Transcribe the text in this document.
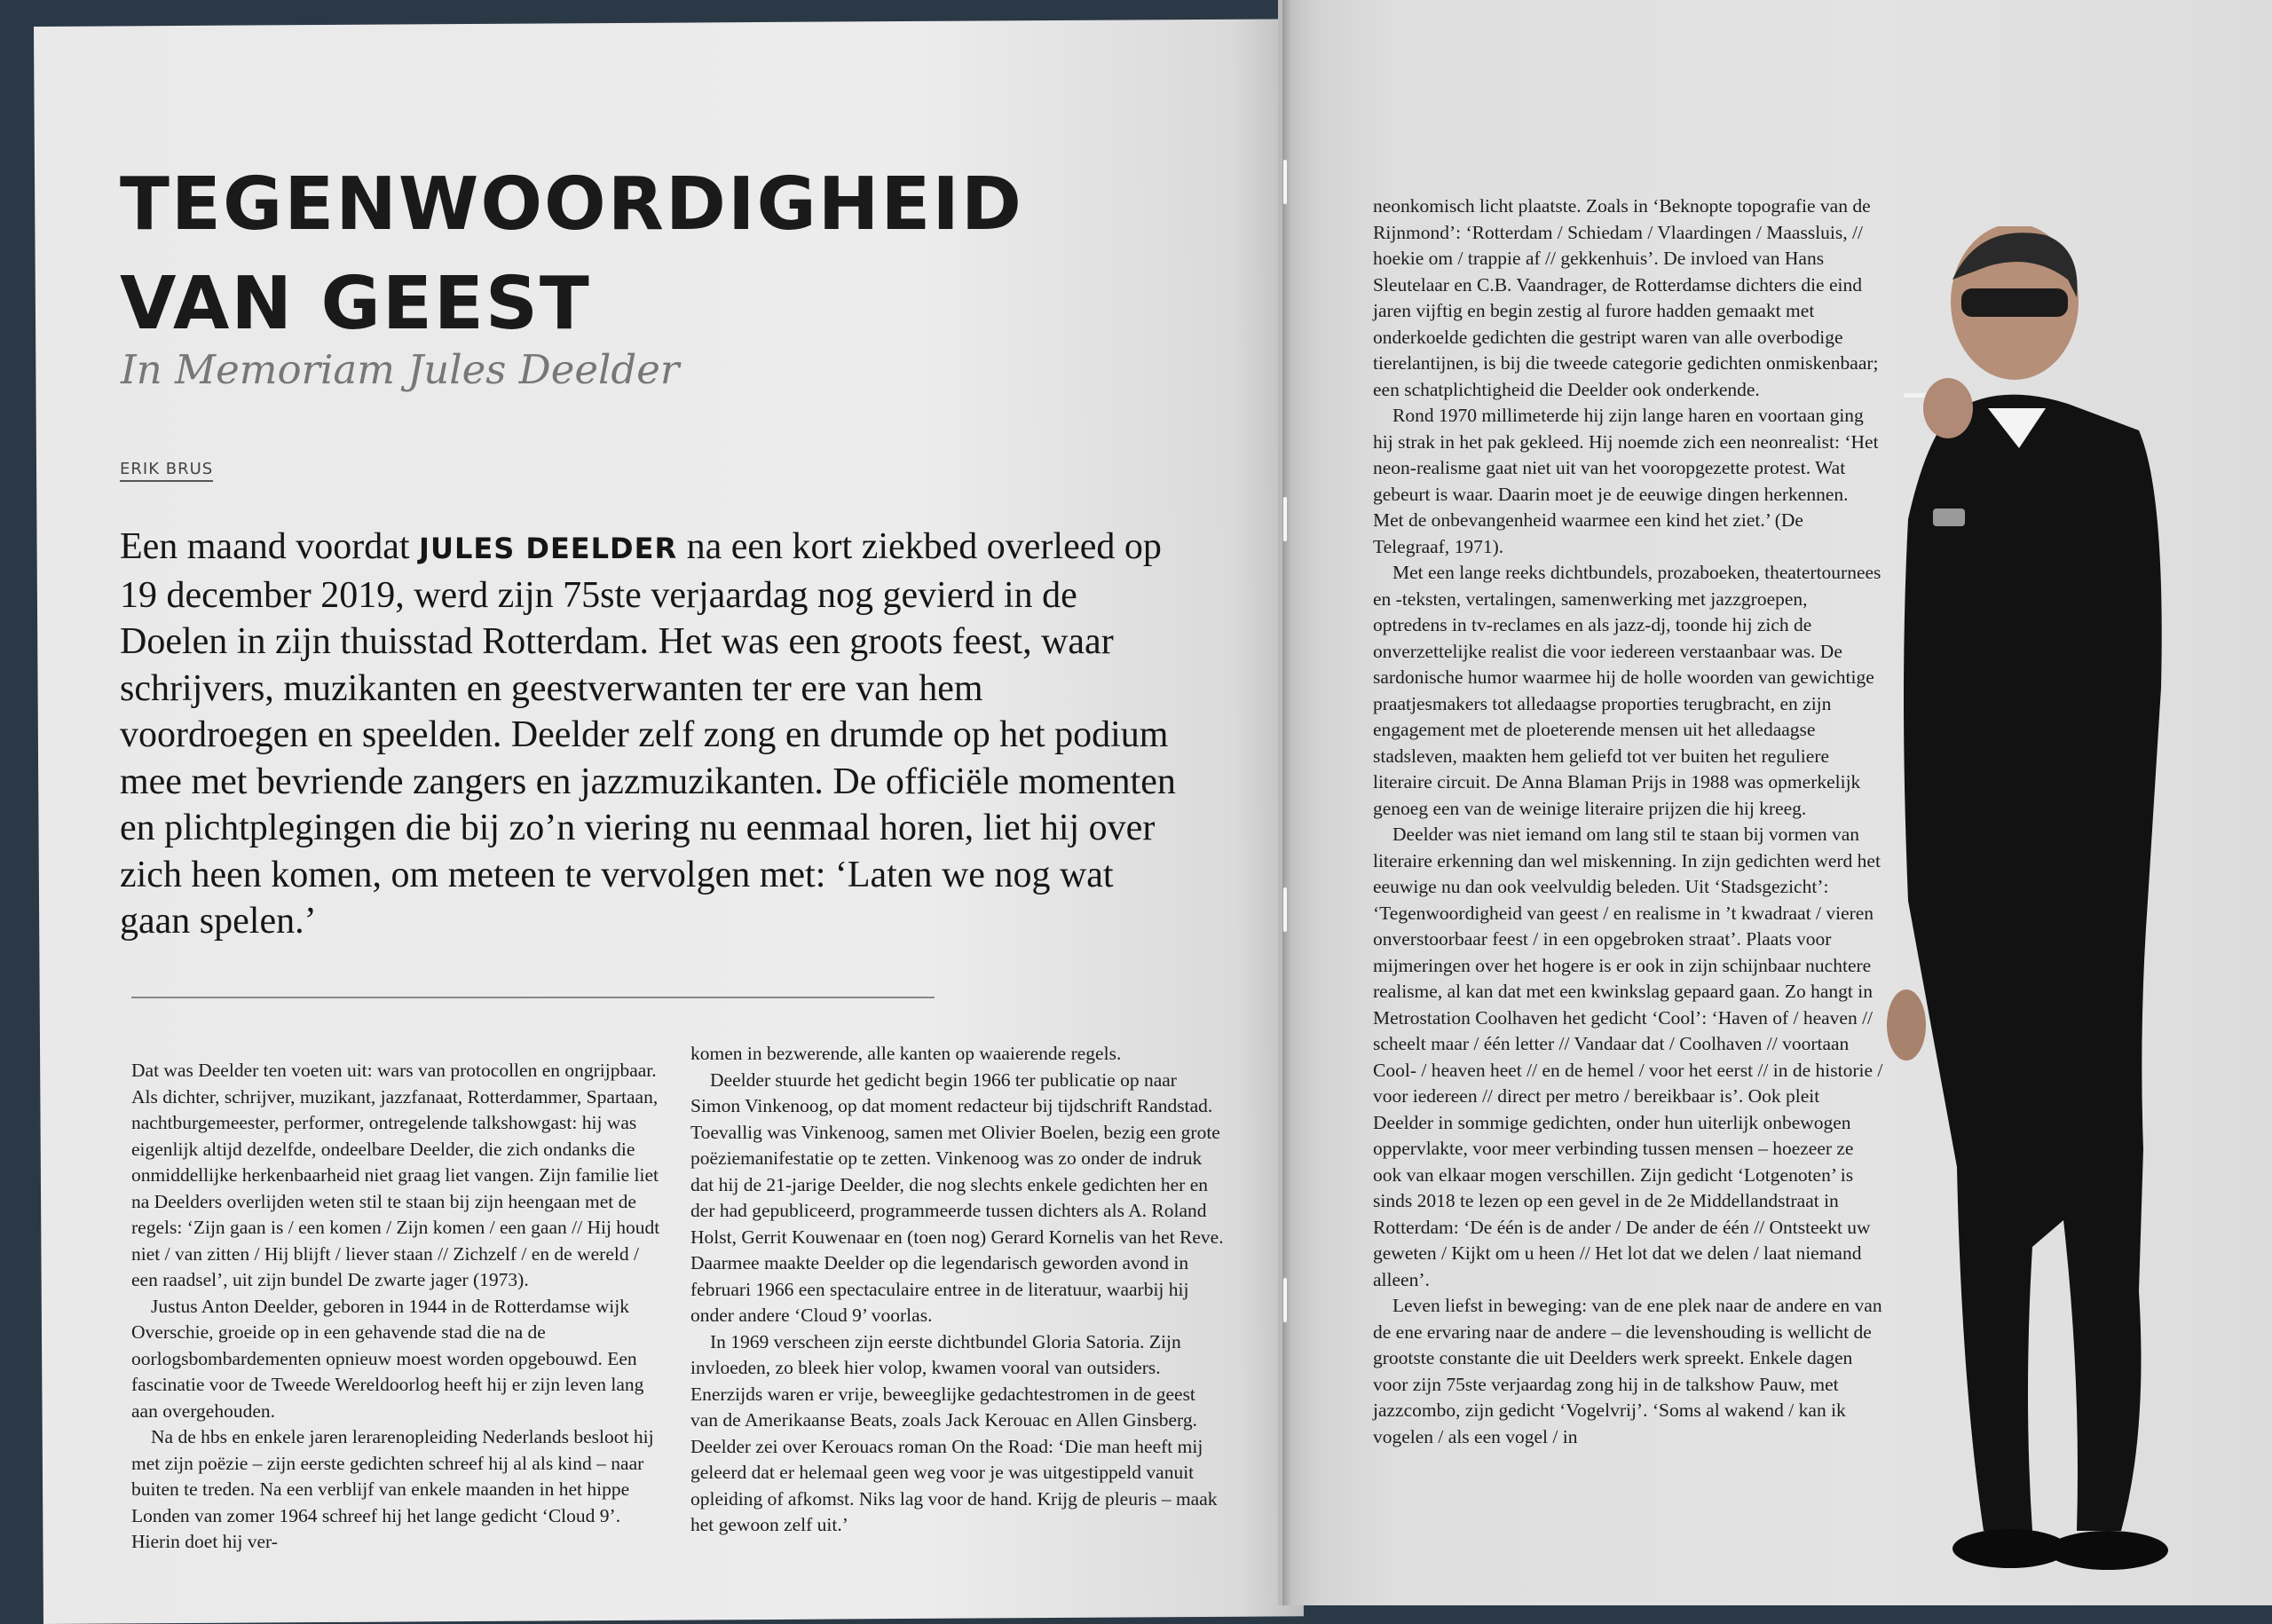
TEGENWOORDIGHEID
VAN GEEST
In Memoriam Jules Deelder
ERIK BRUS

Een maand voordat JULES DEELDER na een kort ziekbed overleed op 19 december 2019, werd zijn 75ste verjaardag nog gevierd in de Doelen in zijn thuisstad Rotterdam. Het was een groots feest, waar schrijvers, muzikanten en geestverwanten ter ere van hem voordroegen en speelden. Deelder zelf zong en drumde op het podium mee met bevriende zangers en jazzmuzikanten. De officiële momenten en plichtplegingen die bij zo’n viering nu eenmaal horen, liet hij over zich heen komen, om meteen te vervolgen met: ‘Laten we nog wat gaan spelen.’

Dat was Deelder ten voeten uit: wars van protocollen en ongrijpbaar. Als dichter, schrijver, muzikant, jazzfanaat, Rotterdammer, Spartaan, nachtburgemeester, performer, ontregelende talkshowgast: hij was eigenlijk altijd dezelfde, ondeelbare Deelder, die zich ondanks die onmiddellijke herkenbaarheid niet graag liet vangen. Zijn familie liet na Deelders overlijden weten stil te staan bij zijn heengaan met de regels: ‘Zijn gaan is / een komen / Zijn komen / een gaan // Hij houdt niet / van zitten / Hij blijft / liever staan // Zichzelf / en de wereld / een raadsel’, uit zijn bundel De zwarte jager (1973).

Justus Anton Deelder, geboren in 1944 in de Rotterdamse wijk Overschie, groeide op in een gehavende stad die na de oorlogsbombardementen opnieuw moest worden opgebouwd. Een fascinatie voor de Tweede Wereldoorlog heeft hij er zijn leven lang aan overgehouden.

Na de hbs en enkele jaren lerarenopleiding Nederlands besloot hij met zijn poëzie – zijn eerste gedichten schreef hij al als kind – naar buiten te treden. Na een verblijf van enkele maanden in het hippe Londen van zomer 1964 schreef hij het lange gedicht ‘Cloud 9’. Hierin doet hij ver-

komen in bezwerende, alle kanten op waaierende regels.

Deelder stuurde het gedicht begin 1966 ter publicatie op naar Simon Vinkenoog, op dat moment redacteur bij tijdschrift Randstad. Toevallig was Vinkenoog, samen met Olivier Boelen, bezig een grote poëziemanifestatie op te zetten. Vinkenoog was zo onder de indruk dat hij de 21-jarige Deelder, die nog slechts enkele gedichten her en der had gepubliceerd, programmeerde tussen dichters als A. Roland Holst, Gerrit Kouwenaar en (toen nog) Gerard Kornelis van het Reve. Daarmee maakte Deelder op die legendarisch geworden avond in februari 1966 een spectaculaire entree in de literatuur, waarbij hij onder andere ‘Cloud 9’ voorlas.

In 1969 verscheen zijn eerste dichtbundel Gloria Satoria. Zijn invloeden, zo bleek hier volop, kwamen vooral van outsiders. Enerzijds waren er vrije, beweeglijke gedachtestromen in de geest van de Amerikaanse Beats, zoals Jack Kerouac en Allen Ginsberg. Deelder zei over Kerouacs roman On the Road: ‘Die man heeft mij geleerd dat er helemaal geen weg voor je was uitgestippeld vanuit opleiding of afkomst. Niks lag voor de hand. Krijg de pleuris – maak het gewoon zelf uit.’

neonkomisch licht plaatste. Zoals in ‘Beknopte topografie van de Rijnmond’: ‘Rotterdam / Schiedam / Vlaardingen / Maassluis, // hoekie om / trappie af // gekkenhuis’. De invloed van Hans Sleutelaar en C.B. Vaandrager, de Rotterdamse dichters die eind jaren vijftig en begin zestig al furore hadden gemaakt met onderkoelde gedichten die gestript waren van alle overbodige tierelantijnen, is bij die tweede categorie gedichten onmiskenbaar; een schatplichtigheid die Deelder ook onderkende.

Rond 1970 millimeterde hij zijn lange haren en voortaan ging hij strak in het pak gekleed. Hij noemde zich een neonrealist: ‘Het neon-realisme gaat niet uit van het vooropgezette protest. Wat gebeurt is waar. Daarin moet je de eeuwige dingen herkennen. Met de onbevangenheid waarmee een kind het ziet.’ (De Telegraaf, 1971).

Met een lange reeks dichtbundels, prozaboeken, theatertournees en -teksten, vertalingen, samenwerking met jazzgroepen, optredens in tv-reclames en als jazz-dj, toonde hij zich de onverzettelijke realist die voor iedereen verstaanbaar was. De sardonische humor waarmee hij de holle woorden van gewichtige praatjesmakers tot alledaagse proporties terugbracht, en zijn engagement met de ploeterende mensen uit het alledaagse stadsleven, maakten hem geliefd tot ver buiten het reguliere literaire circuit. De Anna Blaman Prijs in 1988 was opmerkelijk genoeg een van de weinige literaire prijzen die hij kreeg.

Deelder was niet iemand om lang stil te staan bij vormen van literaire erkenning dan wel miskenning. In zijn gedichten werd het eeuwige nu dan ook veelvuldig beleden. Uit ‘Stadsgezicht’: ‘Tegenwoordigheid van geest / en realisme in ’t kwadraat / vieren onverstoorbaar feest / in een opgebroken straat’. Plaats voor mijmeringen over het hogere is er ook in zijn schijnbaar nuchtere realisme, al kan dat met een kwinkslag gepaard gaan. Zo hangt in Metrostation Coolhaven het gedicht ‘Cool’: ‘Haven of / heaven // scheelt maar / één letter // Vandaar dat / Coolhaven // voortaan Cool- / heaven heet // en de hemel / voor het eerst // in de historie / voor iedereen // direct per metro / bereikbaar is’. Ook pleit Deelder in sommige gedichten, onder hun uiterlijk onbewogen oppervlakte, voor meer verbinding tussen mensen – hoezeer ze ook van elkaar mogen verschillen. Zijn gedicht ‘Lotgenoten’ is sinds 2018 te lezen op een gevel in de 2e Middellandstraat in Rotterdam: ‘De één is de ander / De ander de één // Ontsteekt uw geweten / Kijkt om u heen // Het lot dat we delen / laat niemand alleen’.

Leven liefst in beweging: van de ene plek naar de andere en van de ene ervaring naar de andere – die levenshouding is wellicht de grootste constante die uit Deelders werk spreekt. Enkele dagen voor zijn 75ste verjaardag zong hij in de talkshow Pauw, met jazzcombo, zijn gedicht ‘Vogelvrij’. ‘Soms al wakend / kan ik vogelen / als een vogel / in
